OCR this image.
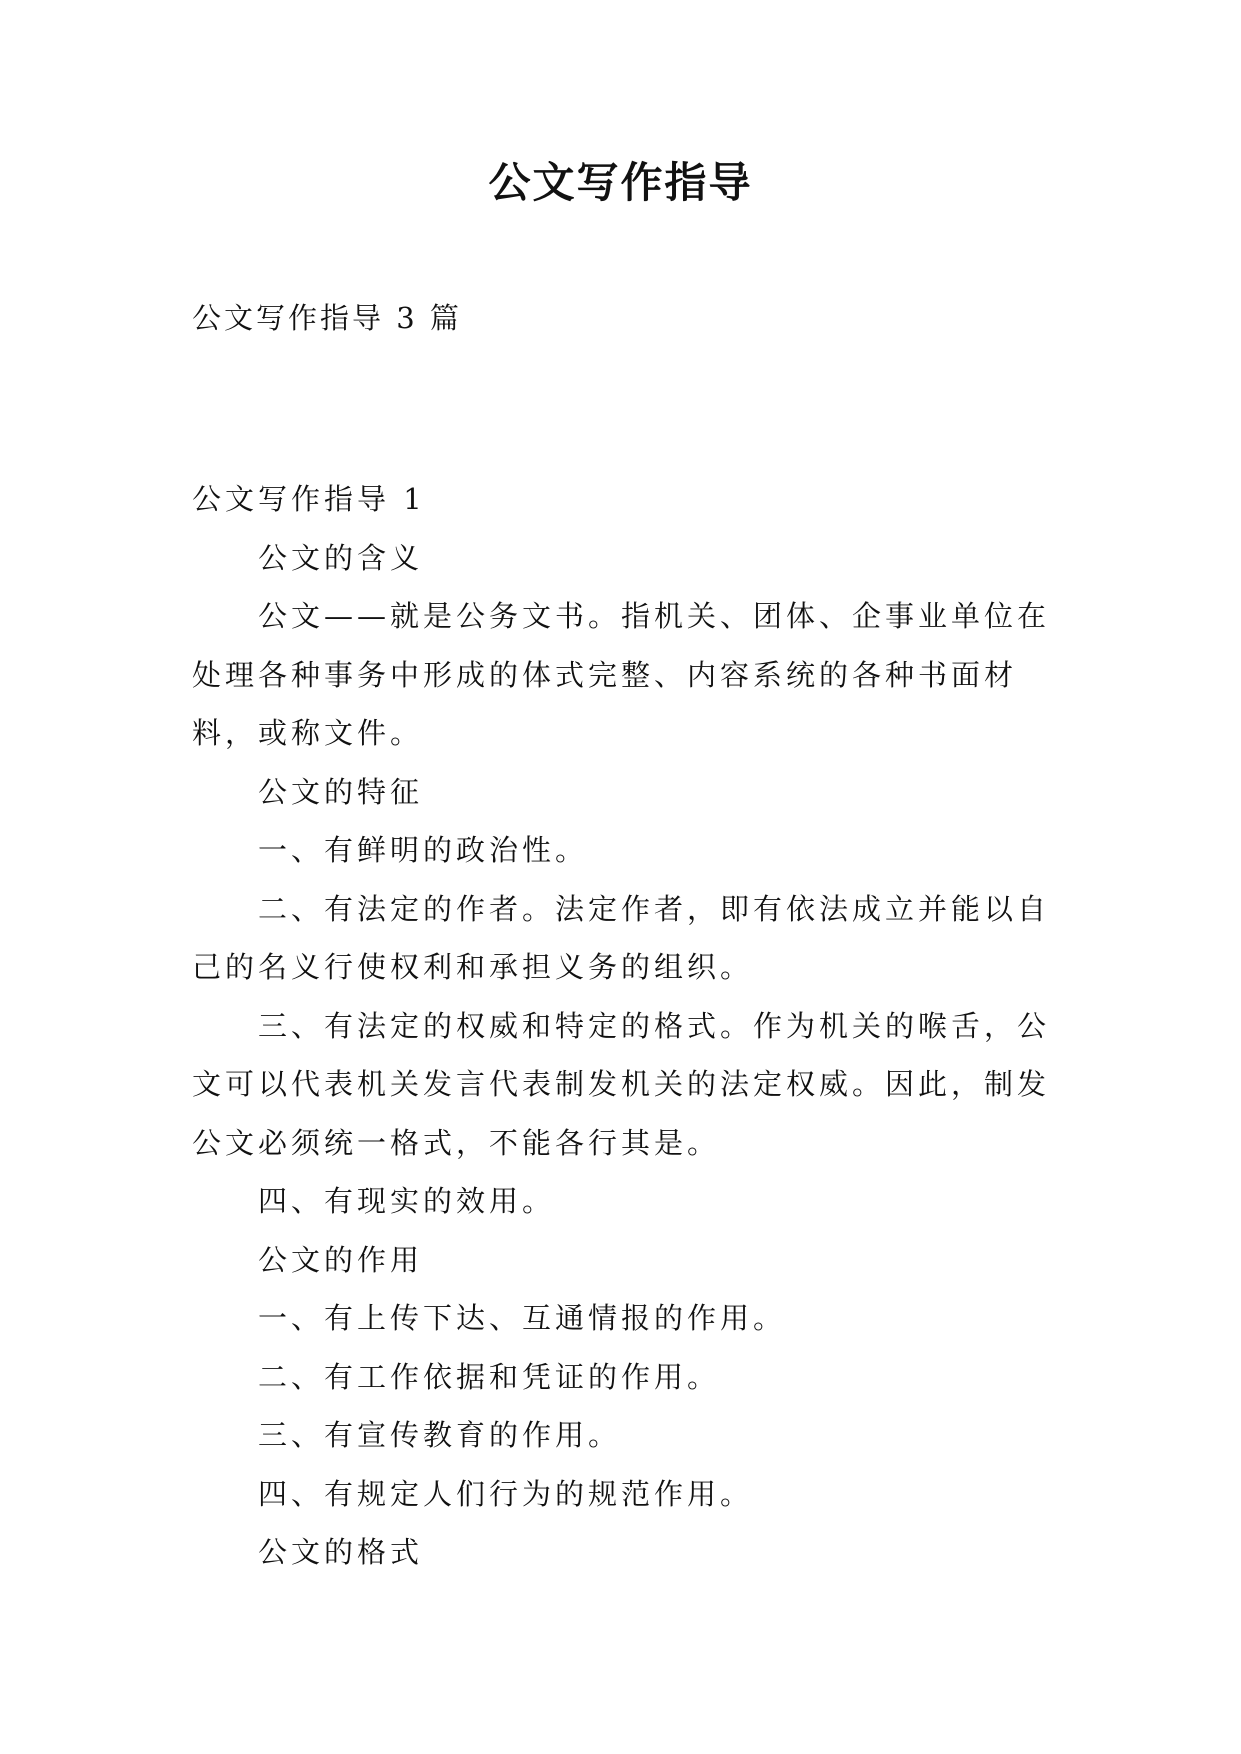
公文写作指导
公文写作指导 3 篇

公文写作指导 1

公文的含义

公文——就是公务文书。指机关、团体、企事业单位在处理各种事务中形成的体式完整、内容系统的各种书面材料，或称文件。

公文的特征

一、有鲜明的政治性。

二、有法定的作者。法定作者，即有依法成立并能以自己的名义行使权利和承担义务的组织。

三、有法定的权威和特定的格式。作为机关的喉舌，公文可以代表机关发言代表制发机关的法定权威。因此，制发公文必须统一格式，不能各行其是。

四、有现实的效用。

公文的作用

一、有上传下达、互通情报的作用。

二、有工作依据和凭证的作用。

三、有宣传教育的作用。

四、有规定人们行为的规范作用。

公文的格式
